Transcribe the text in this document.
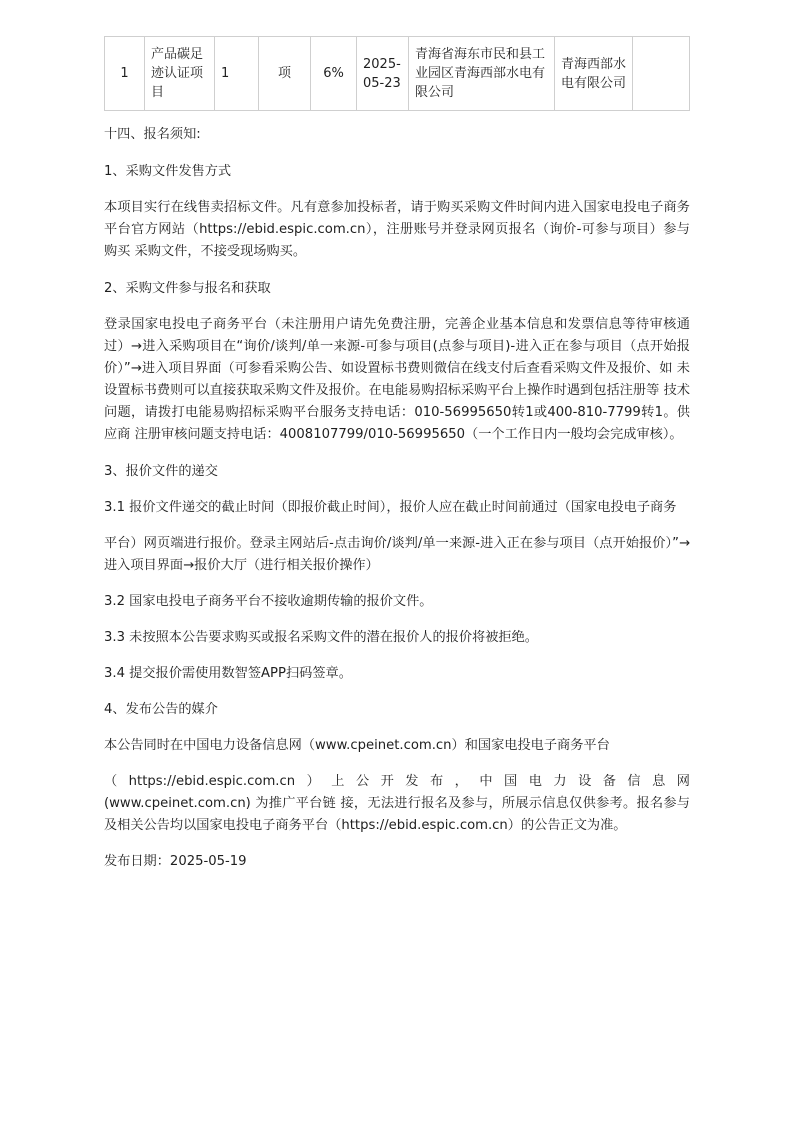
1	产品碳足迹认证项目	1	项	6%	2025-05-23	青海省海东市民和县工业园区青海西部水电有限公司	青海西部水电有限公司	

十四、报名须知:

1、采购文件发售方式

本项目实行在线售卖招标文件。凡有意参加投标者，请于购买采购文件时间内进入国家电投电子商务 平台官方网站（https://ebid.espic.com.cn），注册账号并登录网页报名（询价-可参与项目）参与购买 采购文件，不接受现场购买。

2、采购文件参与报名和获取

登录国家电投电子商务平台（未注册用户请先免费注册，完善企业基本信息和发票信息等待审核通过）→进入采购项目在“询价/谈判/单一来源-可参与项目(点参与项目)-进入正在参与项目（点开始报 价）”→进入项目界面（可参看采购公告、如设置标书费则微信在线支付后查看采购文件及报价、如 未设置标书费则可以直接获取采购文件及报价。在电能易购招标采购平台上操作时遇到包括注册等 技术问题，请拨打电能易购招标采购平台服务支持电话：010-56995650转1或400-810-7799转1。供应商 注册审核问题支持电话：4008107799/010-56995650（一个工作日内一般均会完成审核）。

3、报价文件的递交

3.1 报价文件递交的截止时间（即报价截止时间），报价人应在截止时间前通过（国家电投电子商务

平台）网页端进行报价。登录主网站后-点击询价/谈判/单一来源-进入正在参与项目（点开始报价）”→进入项目界面→报价大厅（进行相关报价操作）

3.2 国家电投电子商务平台不接收逾期传输的报价文件。

3.3 未按照本公告要求购买或报名采购文件的潜在报价人的报价将被拒绝。

3.4 提交报价需使用数智签APP扫码签章。

4、发布公告的媒介

本公告同时在中国电力设备信息网（www.cpeinet.com.cn）和国家电投电子商务平台

（https://ebid.espic.com.cn）上公开发布，中国电力设备信息网

(www.cpeinet.com.cn) 为推广平台链 接，无法进行报名及参与，所展示信息仅供参考。报名参与及相关公告均以国家电投电子商务平台（https://ebid.espic.com.cn）的公告正文为准。

发布日期：2025-05-19
